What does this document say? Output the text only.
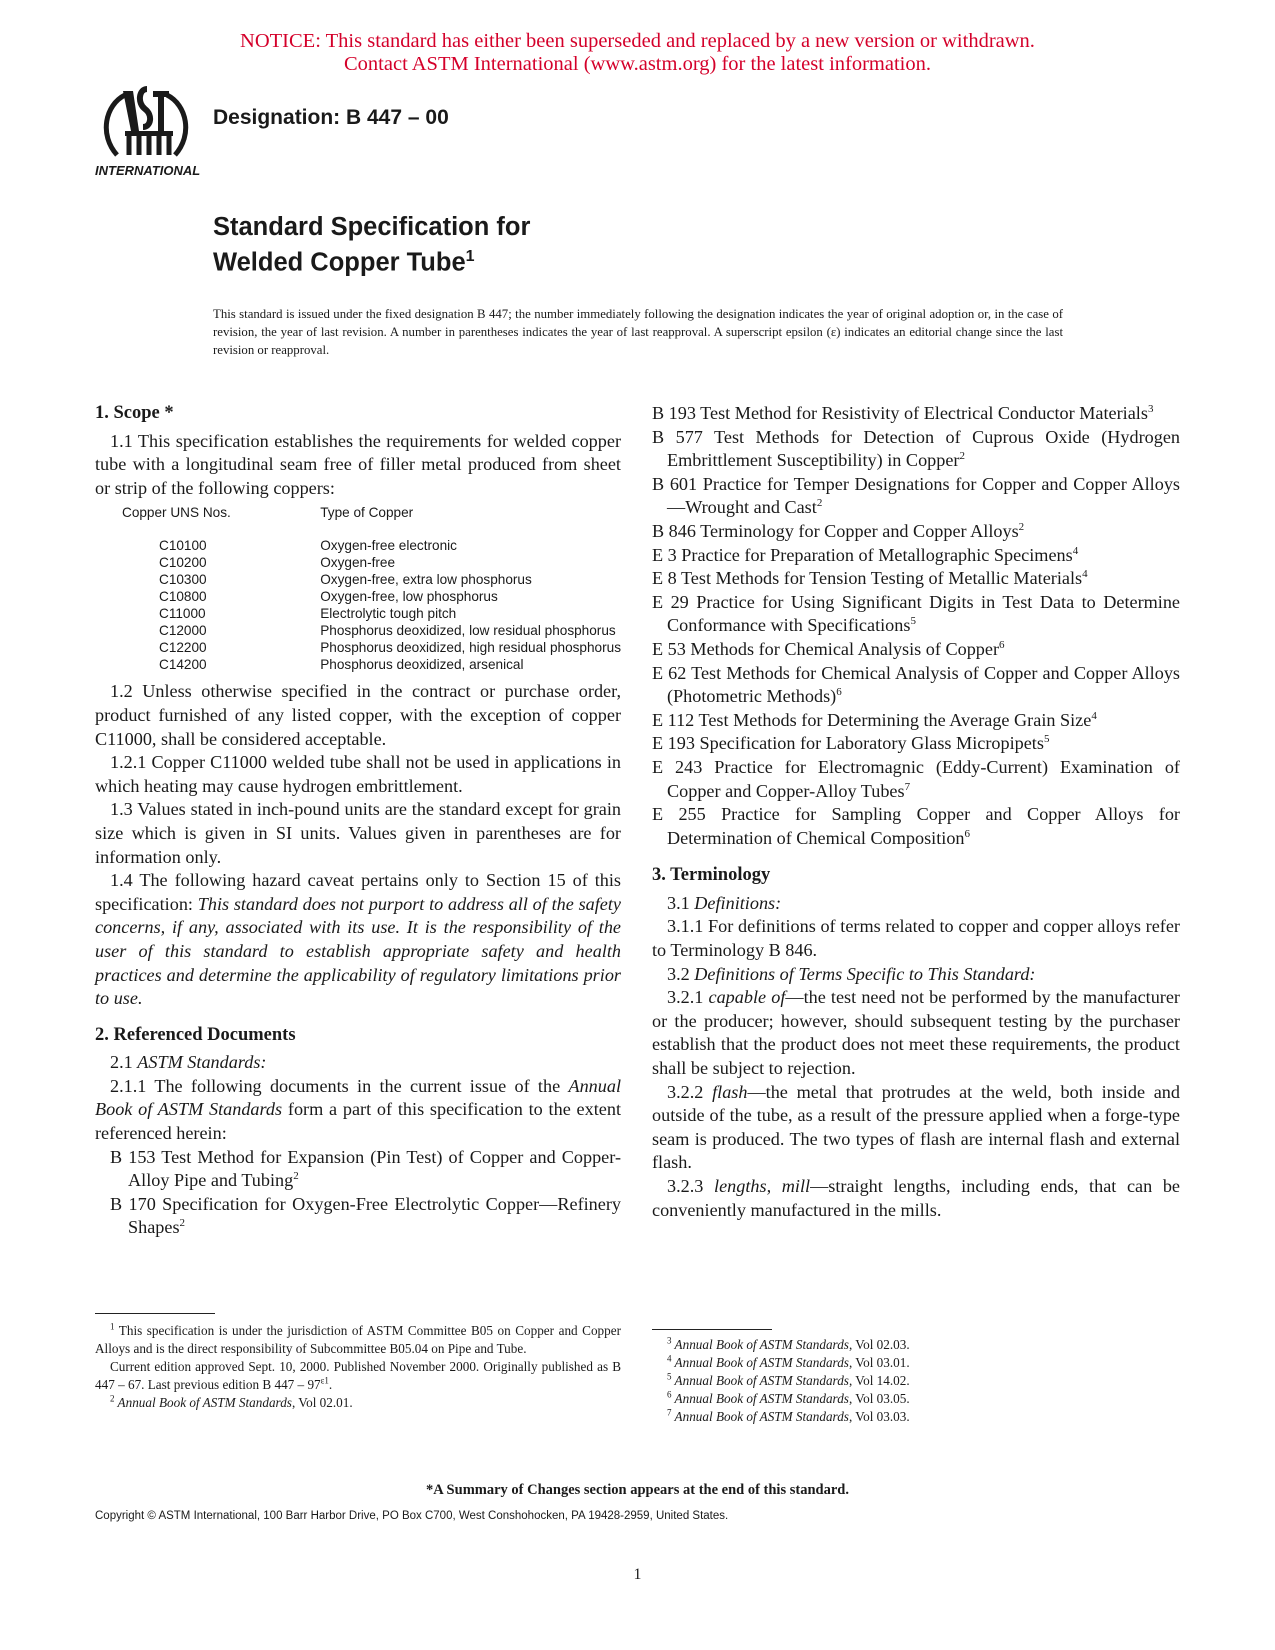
NOTICE: This standard has either been superseded and replaced by a new version or withdrawn.
Contact ASTM International (www.astm.org) for the latest information.
INTERNATIONAL
Designation: B 447 – 00
Standard Specification for
Welded Copper Tube$^1$
This standard is issued under the fixed designation B 447; the number immediately following the designation indicates the year of original adoption or, in the case of revision, the year of last revision. A number in parentheses indicates the year of last reapproval. A superscript epsilon (ε) indicates an editorial change since the last revision or reapproval.
1. Scope *

1.1 This specification establishes the requirements for welded copper tube with a longitudinal seam free of filler metal produced from sheet or strip of the following coppers:

Copper UNS Nos.	Type of Copper
C10100	Oxygen-free electronic
C10200	Oxygen-free
C10300	Oxygen-free, extra low phosphorus
C10800	Oxygen-free, low phosphorus
C11000	Electrolytic tough pitch
C12000	Phosphorus deoxidized, low residual phosphorus
C12200	Phosphorus deoxidized, high residual phosphorus
C14200	Phosphorus deoxidized, arsenical

1.2 Unless otherwise specified in the contract or purchase order, product furnished of any listed copper, with the exception of copper C11000, shall be considered acceptable.

1.2.1 Copper C11000 welded tube shall not be used in applications in which heating may cause hydrogen embrittlement.

1.3 Values stated in inch-pound units are the standard except for grain size which is given in SI units. Values given in parentheses are for information only.

1.4 The following hazard caveat pertains only to Section 15 of this specification: This standard does not purport to address all of the safety concerns, if any, associated with its use. It is the responsibility of the user of this standard to establish appropriate safety and health practices and determine the applicability of regulatory limitations prior to use.

2. Referenced Documents

2.1 ASTM Standards:

2.1.1 The following documents in the current issue of the Annual Book of ASTM Standards form a part of this specification to the extent referenced herein:

B 153 Test Method for Expansion (Pin Test) of Copper and Copper-Alloy Pipe and Tubing$^2$

B 170 Specification for Oxygen-Free Electrolytic Copper—Refinery Shapes$^2$

B 193 Test Method for Resistivity of Electrical Conductor Materials$^3$

B 577 Test Methods for Detection of Cuprous Oxide (Hydrogen Embrittlement Susceptibility) in Copper$^2$

B 601 Practice for Temper Designations for Copper and Copper Alloys—Wrought and Cast$^2$

B 846 Terminology for Copper and Copper Alloys$^2$

E 3 Practice for Preparation of Metallographic Specimens$^4$

E 8 Test Methods for Tension Testing of Metallic Materials$^4$

E 29 Practice for Using Significant Digits in Test Data to Determine Conformance with Specifications$^5$

E 53 Methods for Chemical Analysis of Copper$^6$

E 62 Test Methods for Chemical Analysis of Copper and Copper Alloys (Photometric Methods)$^6$

E 112 Test Methods for Determining the Average Grain Size$^4$

E 193 Specification for Laboratory Glass Micropipets$^5$

E 243 Practice for Electromagnic (Eddy-Current) Examination of Copper and Copper-Alloy Tubes$^7$

E 255 Practice for Sampling Copper and Copper Alloys for Determination of Chemical Composition$^6$

3. Terminology

3.1 Definitions:

3.1.1 For definitions of terms related to copper and copper alloys refer to Terminology B 846.

3.2 Definitions of Terms Specific to This Standard:

3.2.1 capable of—the test need not be performed by the manufacturer or the producer; however, should subsequent testing by the purchaser establish that the product does not meet these requirements, the product shall be subject to rejection.

3.2.2 flash—the metal that protrudes at the weld, both inside and outside of the tube, as a result of the pressure applied when a forge-type seam is produced. The two types of flash are internal flash and external flash.

3.2.3 lengths, mill—straight lengths, including ends, that can be conveniently manufactured in the mills.

$^1$ This specification is under the jurisdiction of ASTM Committee B05 on Copper and Copper Alloys and is the direct responsibility of Subcommittee B05.04 on Pipe and Tube.

Current edition approved Sept. 10, 2000. Published November 2000. Originally published as B 447 – 67. Last previous edition B $447 - 97^{\varepsilon 1}$.

$^2$ Annual Book of ASTM Standards, Vol 02.01.

$^3$ Annual Book of ASTM Standards, Vol 02.03.

$^4$ Annual Book of ASTM Standards, Vol 03.01.

$^5$ Annual Book of ASTM Standards, Vol 14.02.

$^6$ Annual Book of ASTM Standards, Vol 03.05.

$^7$ Annual Book of ASTM Standards, Vol 03.03.

*A Summary of Changes section appears at the end of this standard.
Copyright © ASTM International, 100 Barr Harbor Drive, PO Box C700, West Conshohocken, PA 19428-2959, United States.
1
